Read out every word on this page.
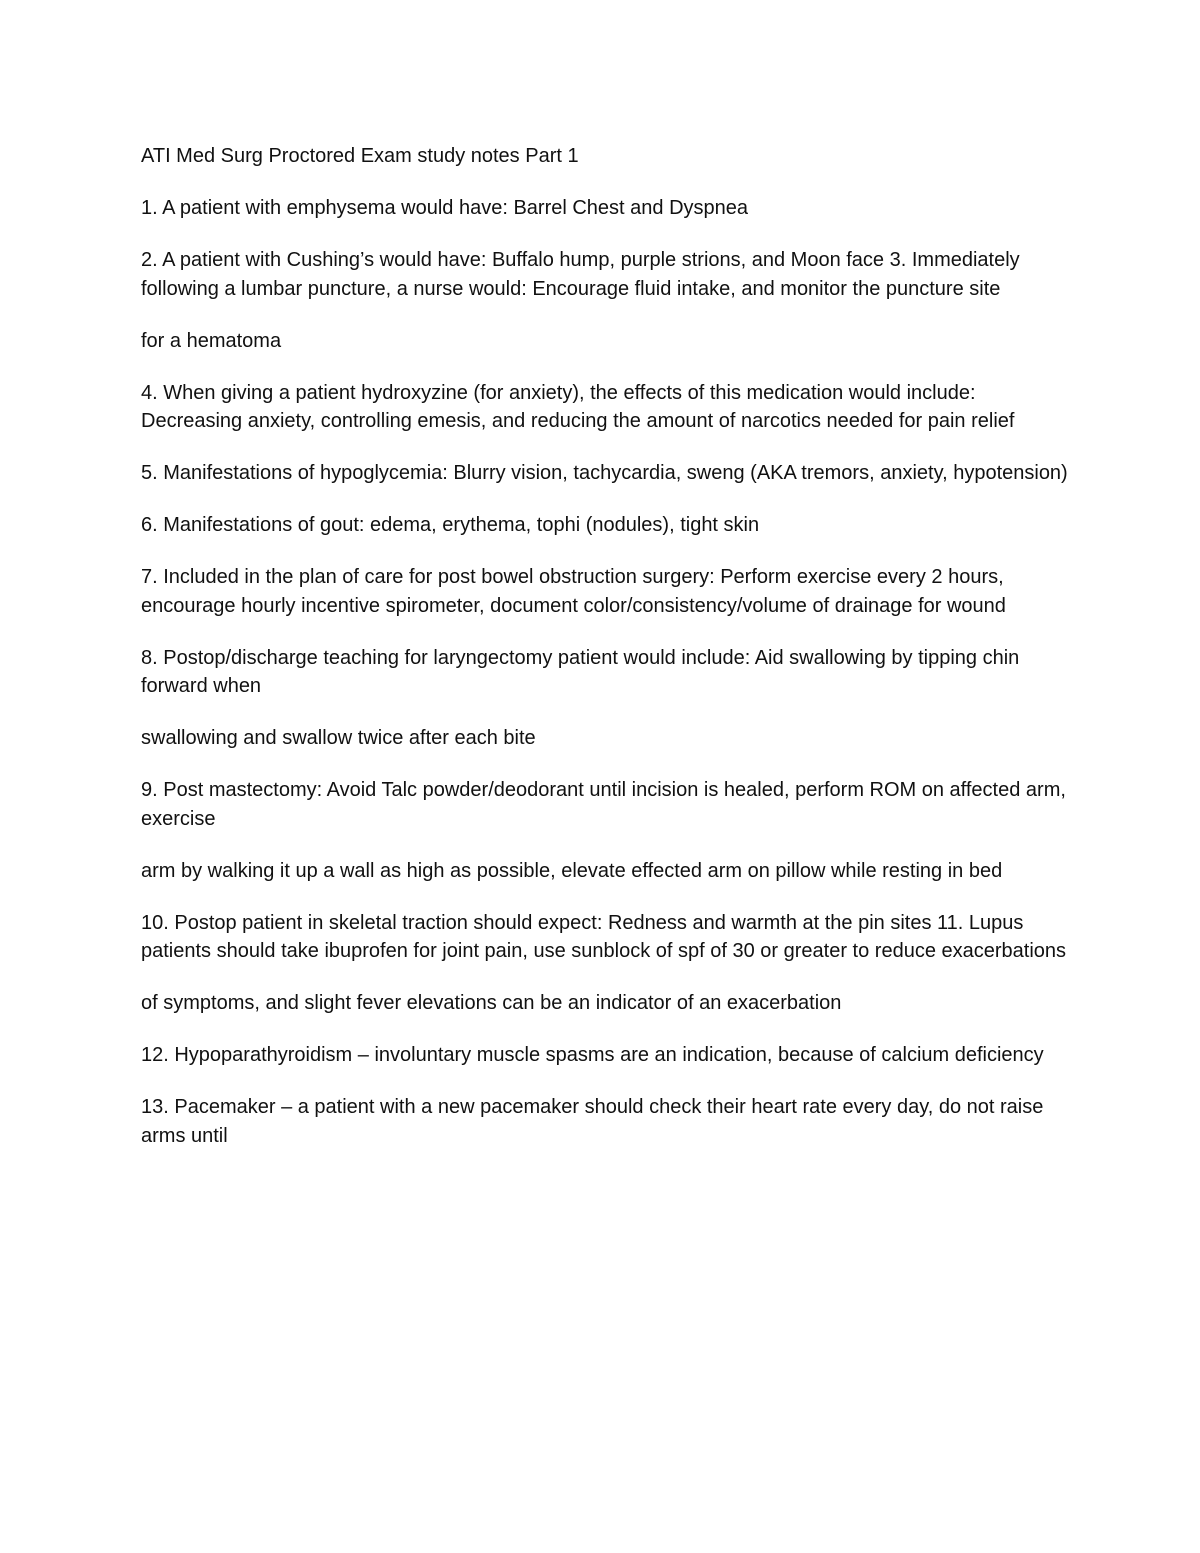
ATI Med Surg Proctored Exam study notes Part 1

1. A patient with emphysema would have: Barrel Chest and Dyspnea

2. A patient with Cushing’s would have: Buffalo hump, purple strions, and Moon face 3. Immediately following a lumbar puncture, a nurse would: Encourage fluid intake, and monitor the puncture site

for a hematoma

4. When giving a patient hydroxyzine (for anxiety), the effects of this medication would include: Decreasing anxiety, controlling emesis, and reducing the amount of narcotics needed for pain relief

5. Manifestations of hypoglycemia: Blurry vision, tachycardia, sweng (AKA tremors, anxiety, hypotension)

6. Manifestations of gout: edema, erythema, tophi (nodules), tight skin

7. Included in the plan of care for post bowel obstruction surgery: Perform exercise every 2 hours, encourage hourly incentive spirometer, document color/consistency/volume of drainage for wound

8. Postop/discharge teaching for laryngectomy patient would include: Aid swallowing by tipping chin forward when

swallowing and swallow twice after each bite

9. Post mastectomy: Avoid Talc powder/deodorant until incision is healed, perform ROM on affected arm, exercise

arm by walking it up a wall as high as possible, elevate effected arm on pillow while resting in bed

10. Postop patient in skeletal traction should expect: Redness and warmth at the pin sites 11. Lupus patients should take ibuprofen for joint pain, use sunblock of spf of 30 or greater to reduce exacerbations

of symptoms, and slight fever elevations can be an indicator of an exacerbation

12. Hypoparathyroidism – involuntary muscle spasms are an indication, because of calcium deficiency

13. Pacemaker – a patient with a new pacemaker should check their heart rate every day, do not raise arms until
